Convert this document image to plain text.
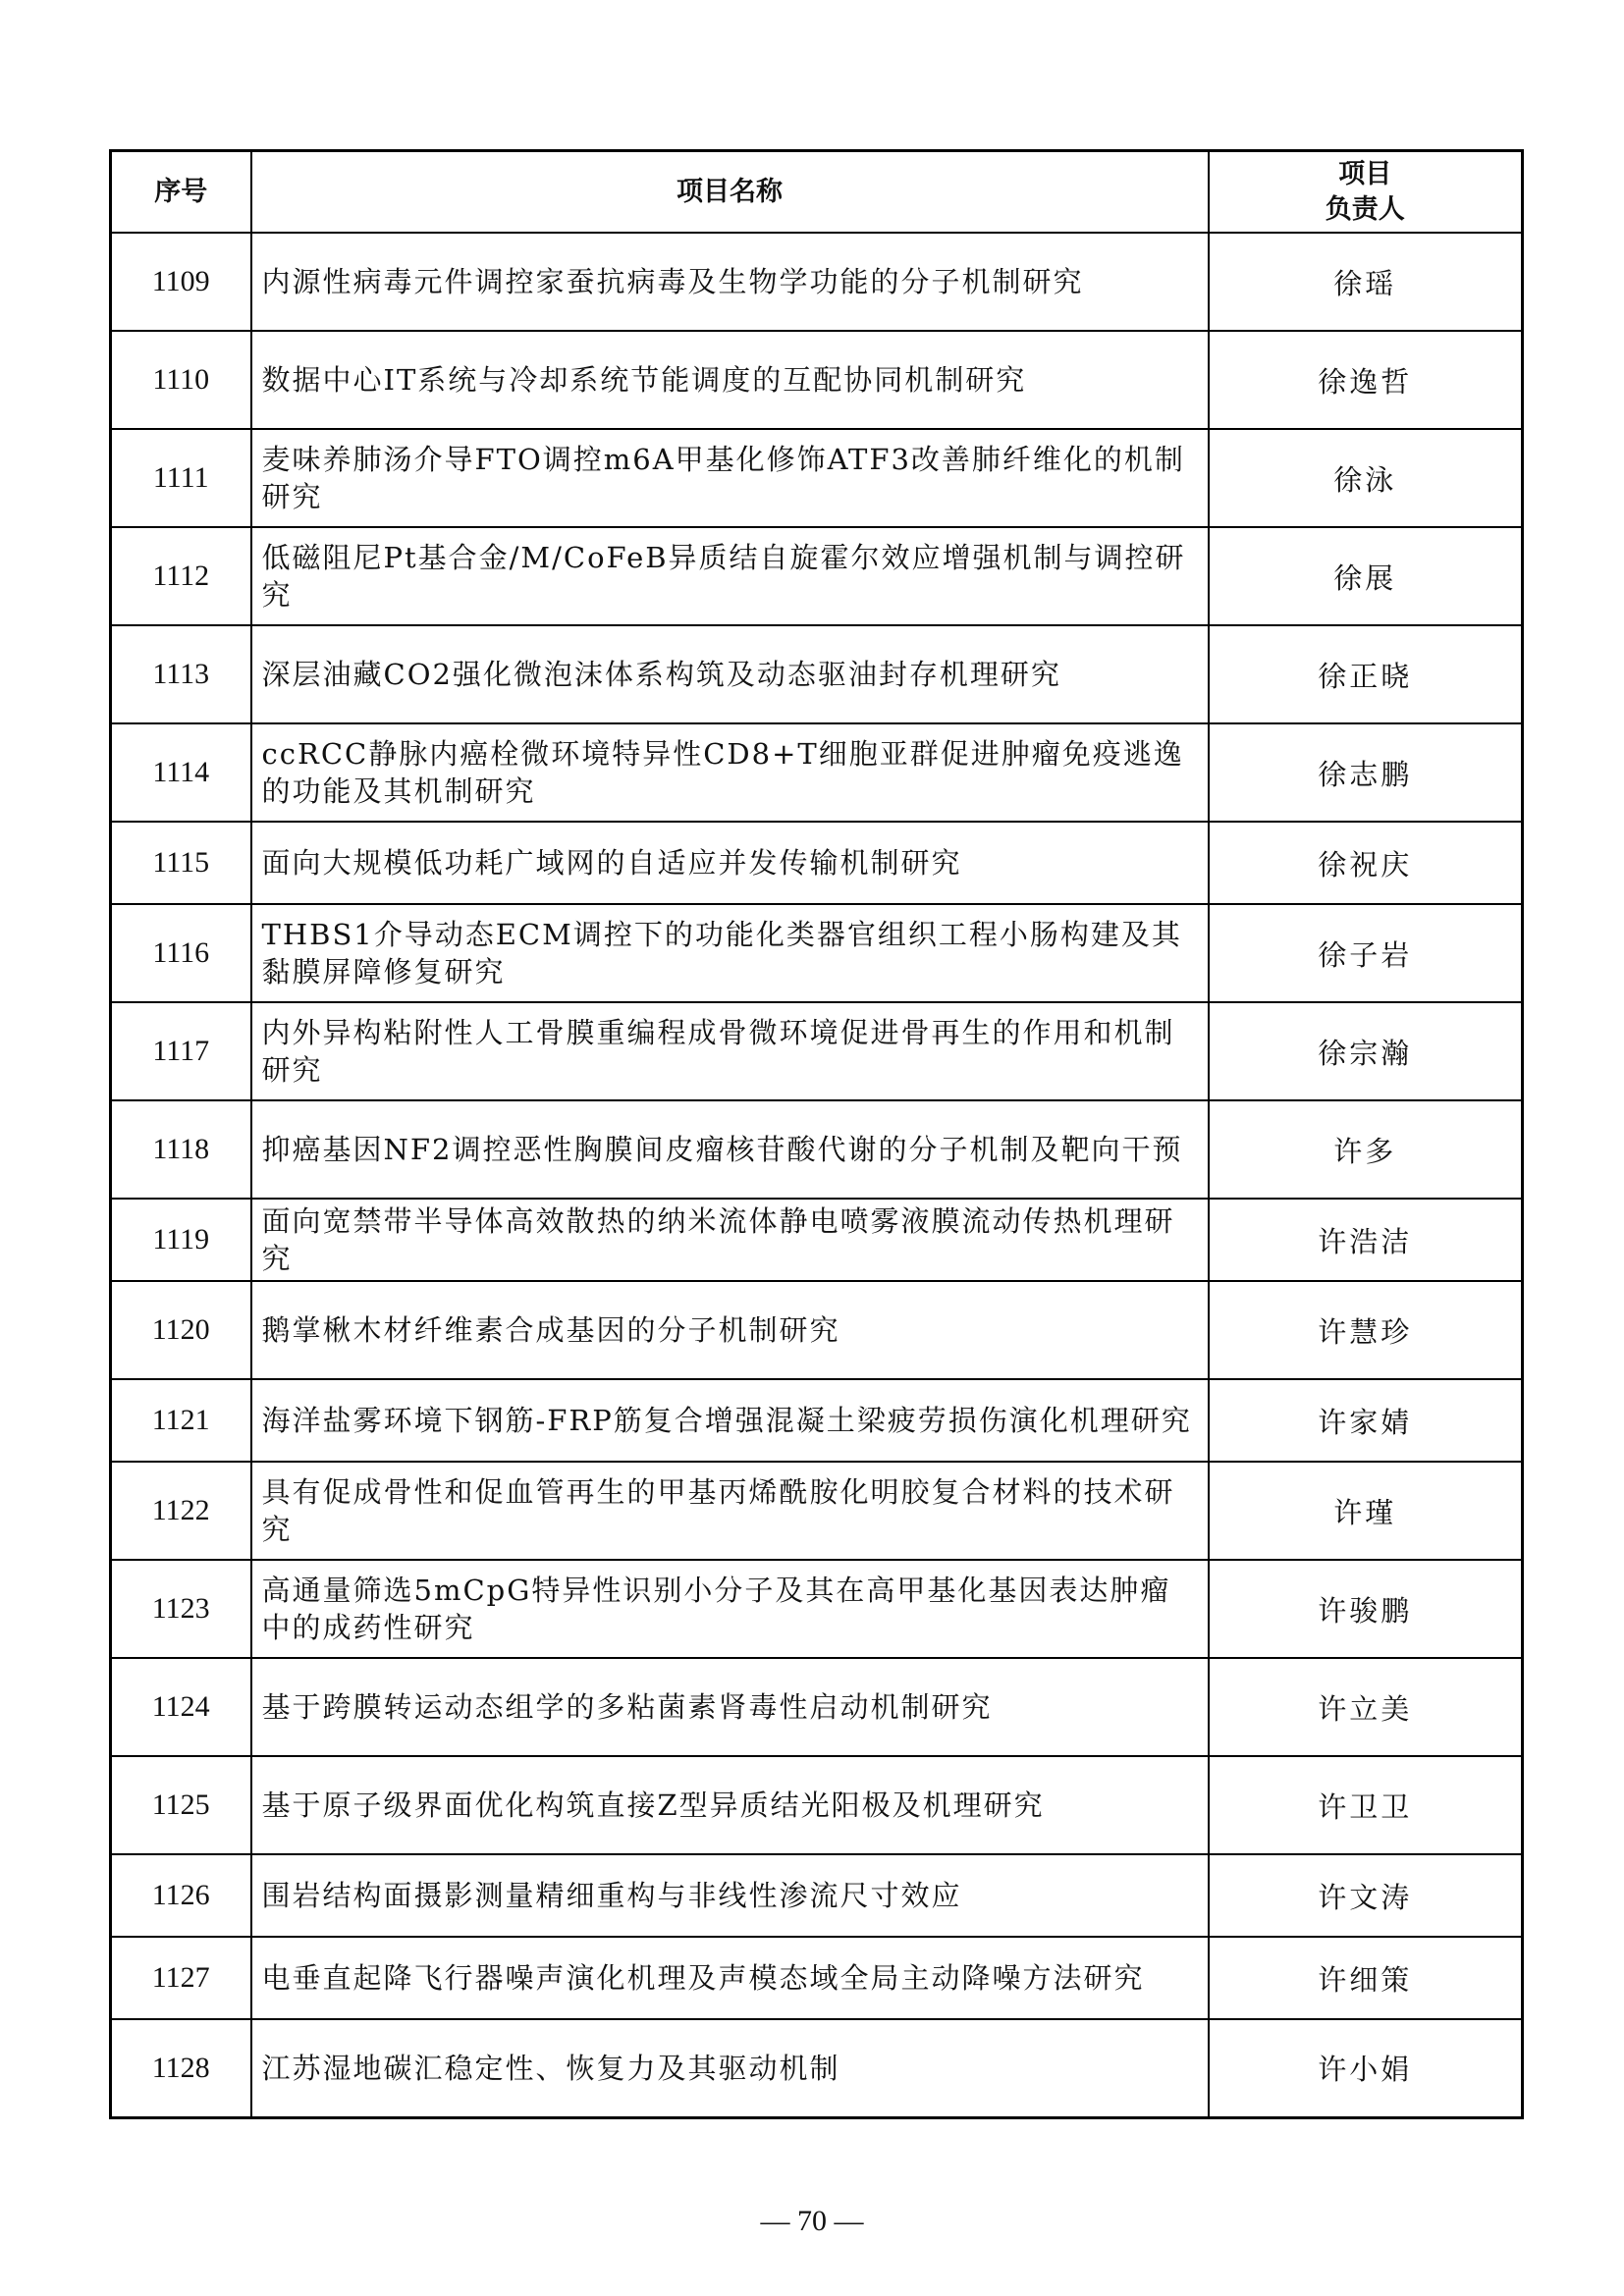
序号	项目名称	项目
负责人

1109	内源性病毒元件调控家蚕抗病毒及生物学功能的分子机制研究	徐瑶
1110	数据中心IT系统与冷却系统节能调度的互配协同机制研究	徐逸哲
1111	麦味养肺汤介导FTO调控m6A甲基化修饰ATF3改善肺纤维化的机制研究	徐泳
1112	低磁阻尼Pt基合金/M/CoFeB异质结自旋霍尔效应增强机制与调控研究	徐展
1113	深层油藏CO2强化微泡沫体系构筑及动态驱油封存机理研究	徐正晓
1114	ccRCC静脉内癌栓微环境特异性CD8+T细胞亚群促进肿瘤免疫逃逸的功能及其机制研究	徐志鹏
1115	面向大规模低功耗广域网的自适应并发传输机制研究	徐祝庆
1116	THBS1介导动态ECM调控下的功能化类器官组织工程小肠构建及其黏膜屏障修复研究	徐子岩
1117	内外异构粘附性人工骨膜重编程成骨微环境促进骨再生的作用和机制研究	徐宗瀚
1118	抑癌基因NF2调控恶性胸膜间皮瘤核苷酸代谢的分子机制及靶向干预	许多
1119	面向宽禁带半导体高效散热的纳米流体静电喷雾液膜流动传热机理研究	许浩洁
1120	鹅掌楸木材纤维素合成基因的分子机制研究	许慧珍
1121	海洋盐雾环境下钢筋-FRP筋复合增强混凝土梁疲劳损伤演化机理研究	许家婧
1122	具有促成骨性和促血管再生的甲基丙烯酰胺化明胶复合材料的技术研究	许瑾
1123	高通量筛选5mCpG特异性识别小分子及其在高甲基化基因表达肿瘤中的成药性研究	许骏鹏
1124	基于跨膜转运动态组学的多粘菌素肾毒性启动机制研究	许立美
1125	基于原子级界面优化构筑直接Z型异质结光阳极及机理研究	许卫卫
1126	围岩结构面摄影测量精细重构与非线性渗流尺寸效应	许文涛
1127	电垂直起降飞行器噪声演化机理及声模态域全局主动降噪方法研究	许细策
1128	江苏湿地碳汇稳定性、恢复力及其驱动机制	许小娟
— 70 —
